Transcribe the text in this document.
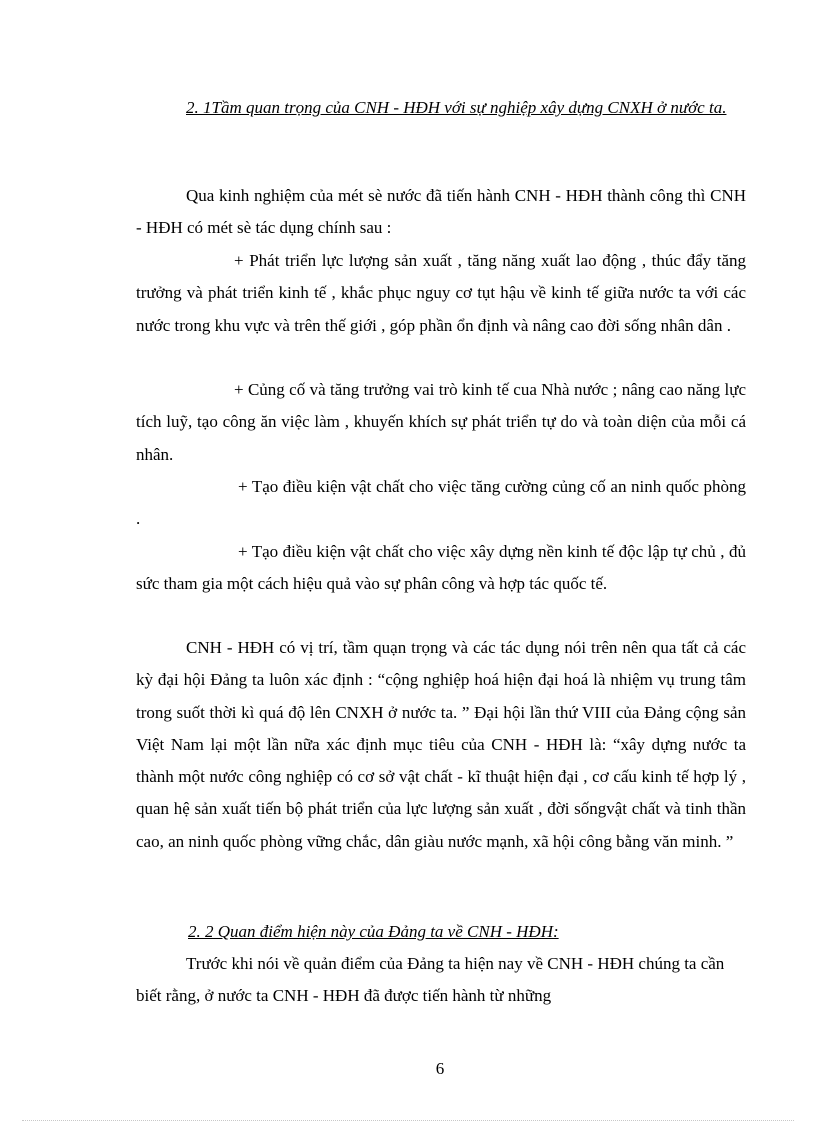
2. 1Tầm quan trọng của CNH - HĐH với sự nghiệp xây dựng CNXH ở nước ta.

Qua kinh nghiệm của mét sè nước đã tiến hành CNH - HĐH thành công thì CNH - HĐH có mét sè tác dụng chính sau :

+ Phát triển lực lượng sản xuất , tăng năng xuất lao động , thúc đẩy tăng trưởng và phát triển kinh tế , khắc phục nguy cơ tụt hậu về kinh tế giữa nước ta với các nước trong khu vực và trên thế giới , góp phần ổn định và nâng cao đời sống nhân dân .

+ Củng cố và tăng trưởng vai trò kinh tế cua Nhà nước ; nâng cao năng lực tích luỹ, tạo công ăn việc làm , khuyến khích sự phát triển tự do và toàn diện của mỗi cá nhân.

+ Tạo điều kiện vật chất cho việc tăng cường củng cố an ninh quốc phòng .

+ Tạo điều kiện vật chất cho việc xây dựng nền kinh tế độc lập tự chủ , đủ sức tham gia một cách hiệu quả vào sự phân công và hợp tác quốc tế.

CNH - HĐH có vị trí, tầm quạn trọng và các tác dụng nói trên nên qua tất cả các kỳ đại hội Đảng ta luôn xác định : “cộng nghiệp hoá hiện đại hoá là nhiệm vụ trung tâm trong suốt thời kì quá độ lên CNXH ở nước ta. ” Đại hội lần thứ VIII của Đảng cộng sản Việt Nam lại một lần nữa xác định mục tiêu của CNH - HĐH là: “xây dựng nước ta thành một nước công nghiệp có cơ sở vật chất - kĩ thuật hiện đại , cơ cấu kinh tế hợp lý , quan hệ sản xuất tiến bộ phát triển của lực lượng sản xuất , đời sốngvật chất và tinh thần cao, an ninh quốc phòng vững chắc, dân giàu nước mạnh, xã hội công bằng văn minh. ”

2. 2 Quan điểm hiện này của Đảng ta về CNH - HĐH:

Trước khi nói về quản điểm của Đảng ta hiện nay về CNH - HĐH chúng ta cần biết rằng, ở nước ta CNH - HĐH đã được tiến hành từ những

6
